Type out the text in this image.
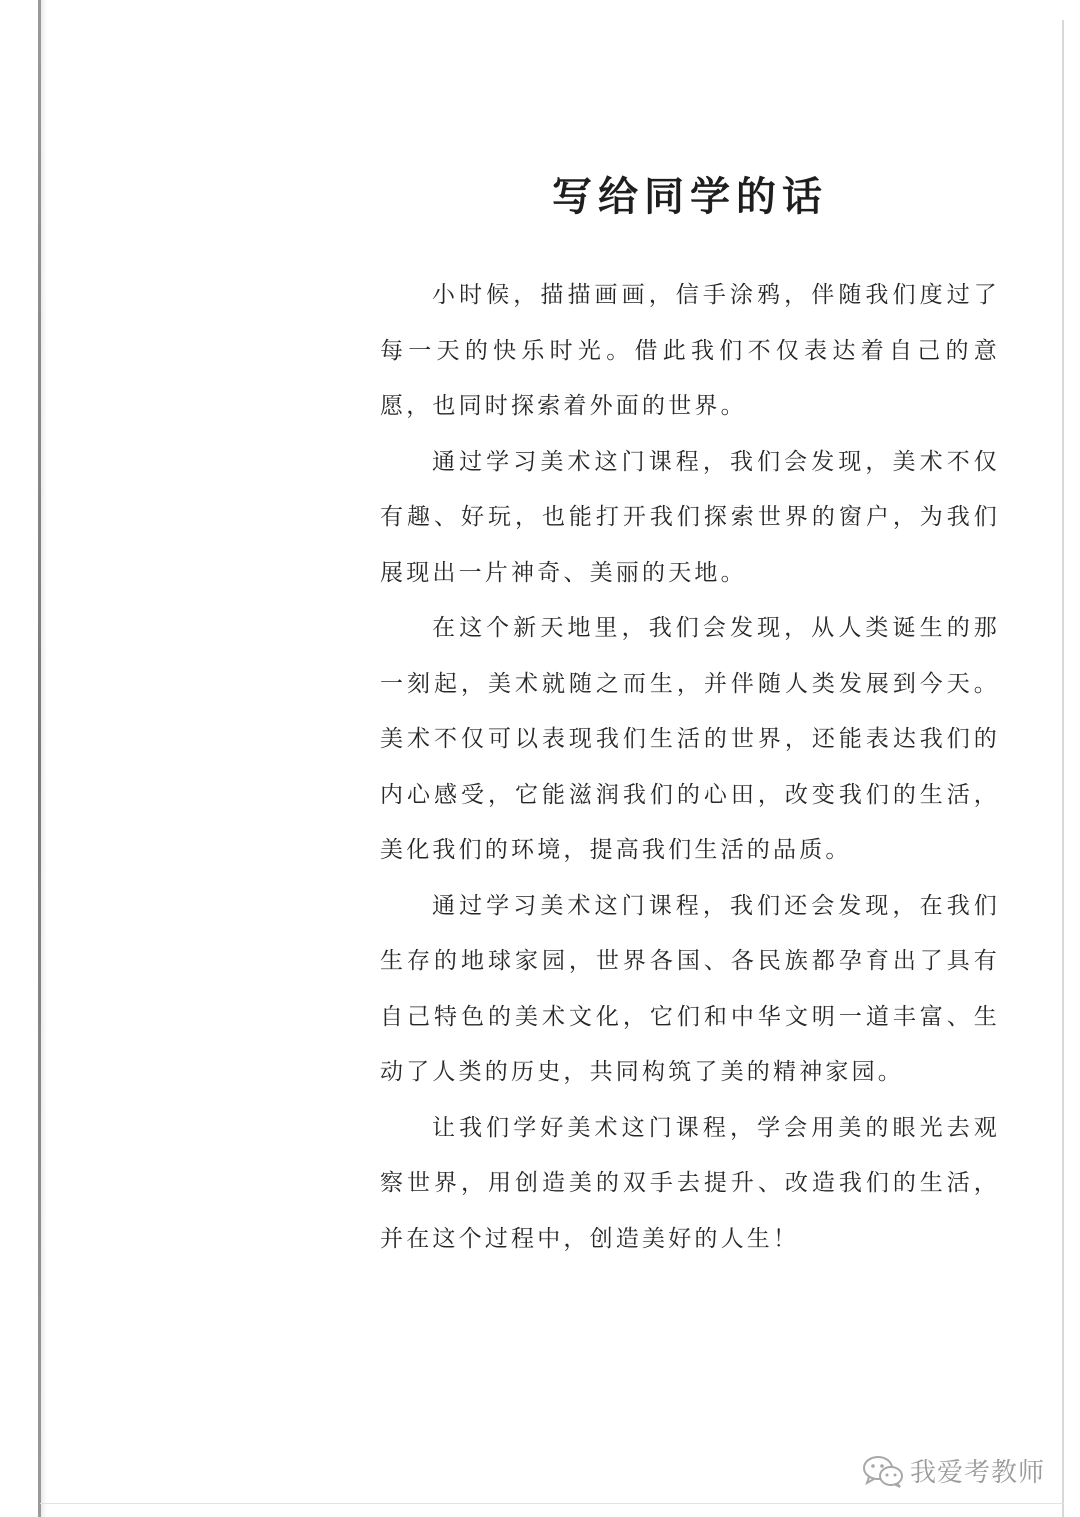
写给同学的话

小时候，描描画画，信手涂鸦，伴随我们度过了每一天的快乐时光。借此我们不仅表达着自己的意愿，也同时探索着外面的世界。

通过学习美术这门课程，我们会发现，美术不仅有趣、好玩，也能打开我们探索世界的窗户，为我们展现出一片神奇、美丽的天地。

在这个新天地里，我们会发现，从人类诞生的那一刻起，美术就随之而生，并伴随人类发展到今天。美术不仅可以表现我们生活的世界，还能表达我们的内心感受，它能滋润我们的心田，改变我们的生活，美化我们的环境，提高我们生活的品质。

通过学习美术这门课程，我们还会发现，在我们生存的地球家园，世界各国、各民族都孕育出了具有自己特色的美术文化，它们和中华文明一道丰富、生动了人类的历史，共同构筑了美的精神家园。

让我们学好美术这门课程，学会用美的眼光去观察世界，用创造美的双手去提升、改造我们的生活，并在这个过程中，创造美好的人生！

我爱考教师
